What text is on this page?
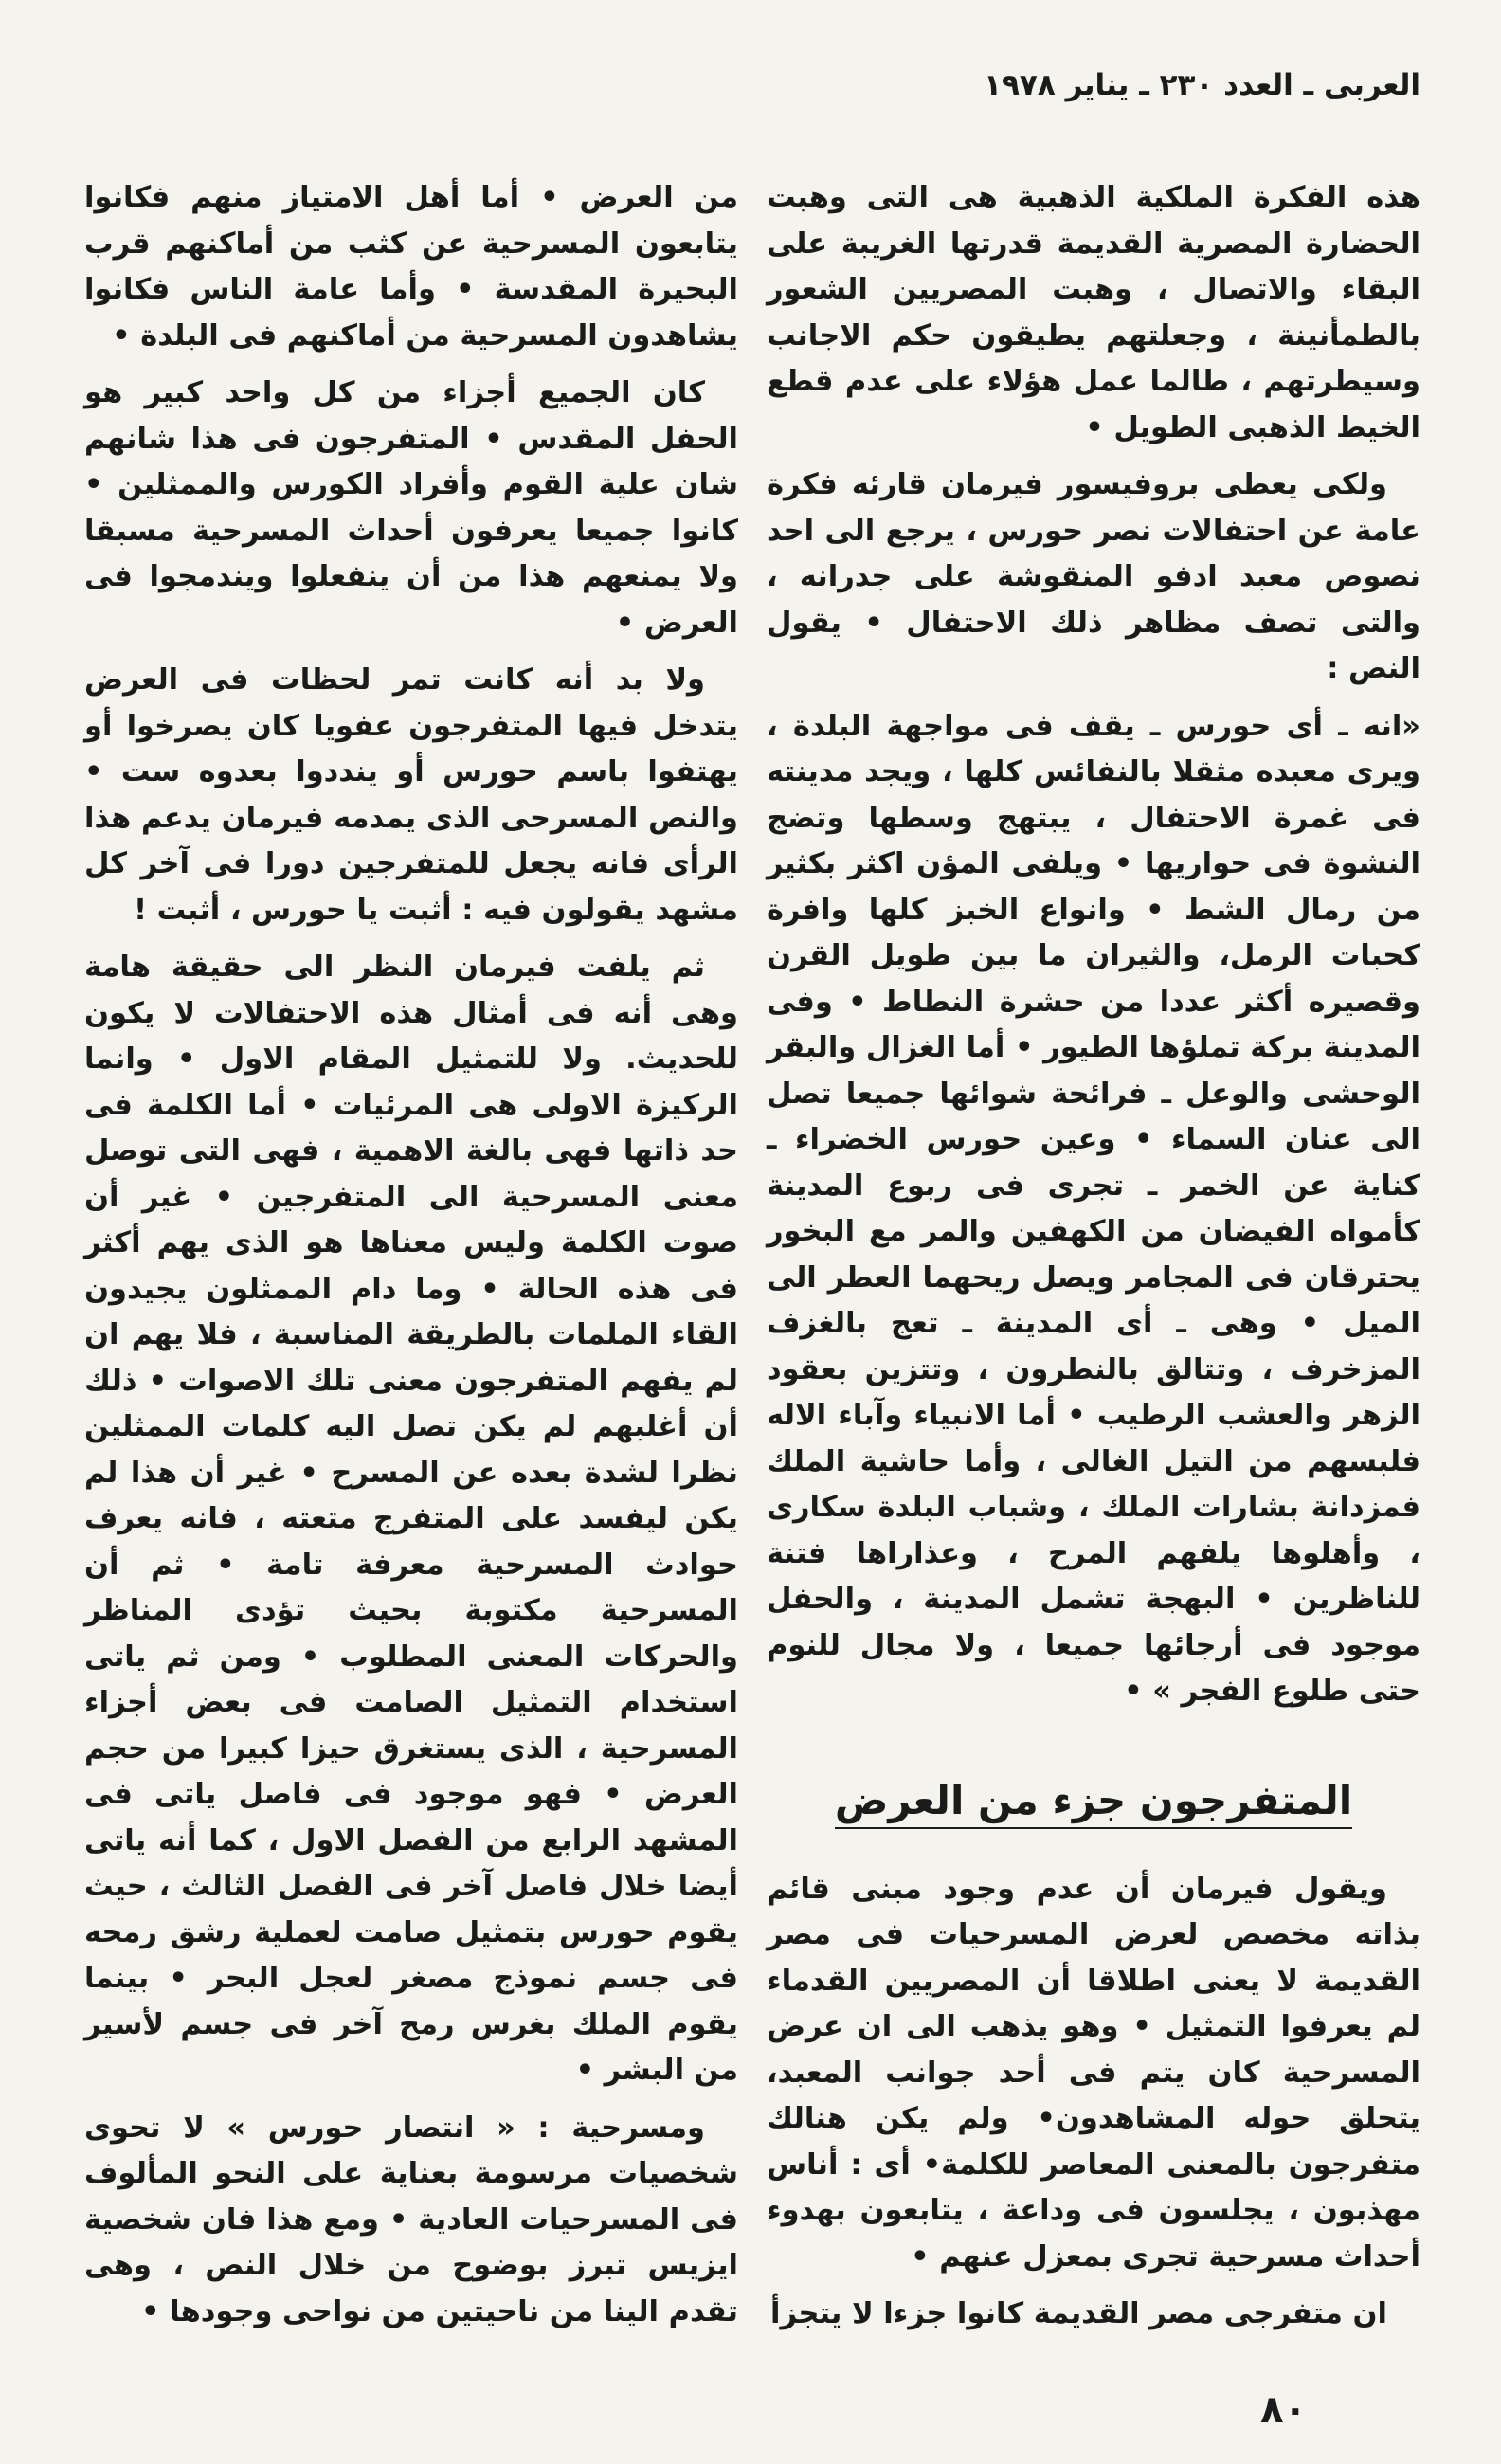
العربى ـ العدد ٢٣٠ ـ يناير ١٩٧٨

هذه الفكرة الملكية الذهبية هى التى وهبت الحضارة المصرية القديمة قدرتها الغريبة على البقاء والاتصال ، وهبت المصريين الشعور بالطمأنينة ، وجعلتهم يطيقون حكم الاجانب وسيطرتهم ، طالما عمل هؤلاء على عدم قطع الخيط الذهبى الطويل •

ولكى يعطى بروفيسور فيرمان قارئه فكرة عامة عن احتفالات نصر حورس ، يرجع الى احد نصوص معبد ادفو المنقوشة على جدرانه ، والتى تصف مظاهر ذلك الاحتفال • يقول النص :

«انه ـ أى حورس ـ يقف فى مواجهة البلدة ، ويرى معبده مثقلا بالنفائس كلها ، ويجد مدينته فى غمرة الاحتفال ، يبتهج وسطها وتضج النشوة فى حواريها • ويلفى المؤن اكثر بكثير من رمال الشط • وانواع الخبز كلها وافرة كحبات الرمل، والثيران ما بين طويل القرن وقصيره أكثر عددا من حشرة النطاط • وفى المدينة بركة تملؤها الطيور • أما الغزال والبقر الوحشى والوعل ـ فرائحة شوائها جميعا تصل الى عنان السماء • وعين حورس الخضراء ـ كناية عن الخمر ـ تجرى فى ربوع المدينة كأمواه الفيضان من الكهفين والمر مع البخور يحترقان فى المجامر ويصل ريحهما العطر الى الميل • وهى ـ أى المدينة ـ تعج بالغزف المزخرف ، وتتالق بالنطرون ، وتتزين بعقود الزهر والعشب الرطيب • أما الانبياء وآباء الاله فلبسهم من التيل الغالى ، وأما حاشية الملك فمزدانة بشارات الملك ، وشباب البلدة سكارى ، وأهلوها يلفهم المرح ، وعذاراها فتنة للناظرين • البهجة تشمل المدينة ، والحفل موجود فى أرجائها جميعا ، ولا مجال للنوم حتى طلوع الفجر » •

المتفرجون جزء من العرض

ويقول فيرمان أن عدم وجود مبنى قائم بذاته مخصص لعرض المسرحيات فى مصر القديمة لا يعنى اطلاقا أن المصريين القدماء لم يعرفوا التمثيل • وهو يذهب الى ان عرض المسرحية كان يتم فى أحد جوانب المعبد، يتحلق حوله المشاهدون• ولم يكن هنالك متفرجون بالمعنى المعاصر للكلمة• أى : أناس مهذبون ، يجلسون فى وداعة ، يتابعون بهدوء أحداث مسرحية تجرى بمعزل عنهم •

ان متفرجى مصر القديمة كانوا جزءا لا يتجزأ

من العرض • أما أهل الامتياز منهم فكانوا يتابعون المسرحية عن كثب من أماكنهم قرب البحيرة المقدسة • وأما عامة الناس فكانوا يشاهدون المسرحية من أماكنهم فى البلدة •

كان الجميع أجزاء من كل واحد كبير هو الحفل المقدس • المتفرجون فى هذا شانهم شان علية القوم وأفراد الكورس والممثلين • كانوا جميعا يعرفون أحداث المسرحية مسبقا ولا يمنعهم هذا من أن ينفعلوا ويندمجوا فى العرض •

ولا بد أنه كانت تمر لحظات فى العرض يتدخل فيها المتفرجون عفويا كان يصرخوا أو يهتفوا باسم حورس أو ينددوا بعدوه ست • والنص المسرحى الذى يمدمه فيرمان يدعم هذا الرأى فانه يجعل للمتفرجين دورا فى آخر كل مشهد يقولون فيه : أثبت يا حورس ، أثبت !

ثم يلفت فيرمان النظر الى حقيقة هامة وهى أنه فى أمثال هذه الاحتفالات لا يكون للحديث. ولا للتمثيل المقام الاول • وانما الركيزة الاولى هى المرئيات • أما الكلمة فى حد ذاتها فهى بالغة الاهمية ، فهى التى توصل معنى المسرحية الى المتفرجين • غير أن صوت الكلمة وليس معناها هو الذى يهم أكثر فى هذه الحالة • وما دام الممثلون يجيدون القاء الملمات بالطريقة المناسبة ، فلا يهم ان لم يفهم المتفرجون معنى تلك الاصوات • ذلك أن أغلبهم لم يكن تصل اليه كلمات الممثلين نظرا لشدة بعده عن المسرح • غير أن هذا لم يكن ليفسد على المتفرج متعته ، فانه يعرف حوادث المسرحية معرفة تامة • ثم أن المسرحية مكتوبة بحيث تؤدى المناظر والحركات المعنى المطلوب • ومن ثم ياتى استخدام التمثيل الصامت فى بعض أجزاء المسرحية ، الذى يستغرق حيزا كبيرا من حجم العرض • فهو موجود فى فاصل ياتى فى المشهد الرابع من الفصل الاول ، كما أنه ياتى أيضا خلال فاصل آخر فى الفصل الثالث ، حيث يقوم حورس بتمثيل صامت لعملية رشق رمحه فى جسم نموذج مصغر لعجل البحر • بينما يقوم الملك بغرس رمح آخر فى جسم لأسير من البشر •

ومسرحية : « انتصار حورس » لا تحوى شخصيات مرسومة بعناية على النحو المألوف فى المسرحيات العادية • ومع هذا فان شخصية ايزيس تبرز بوضوح من خلال النص ، وهى تقدم الينا من ناحيتين من نواحى وجودها •

٨٠
